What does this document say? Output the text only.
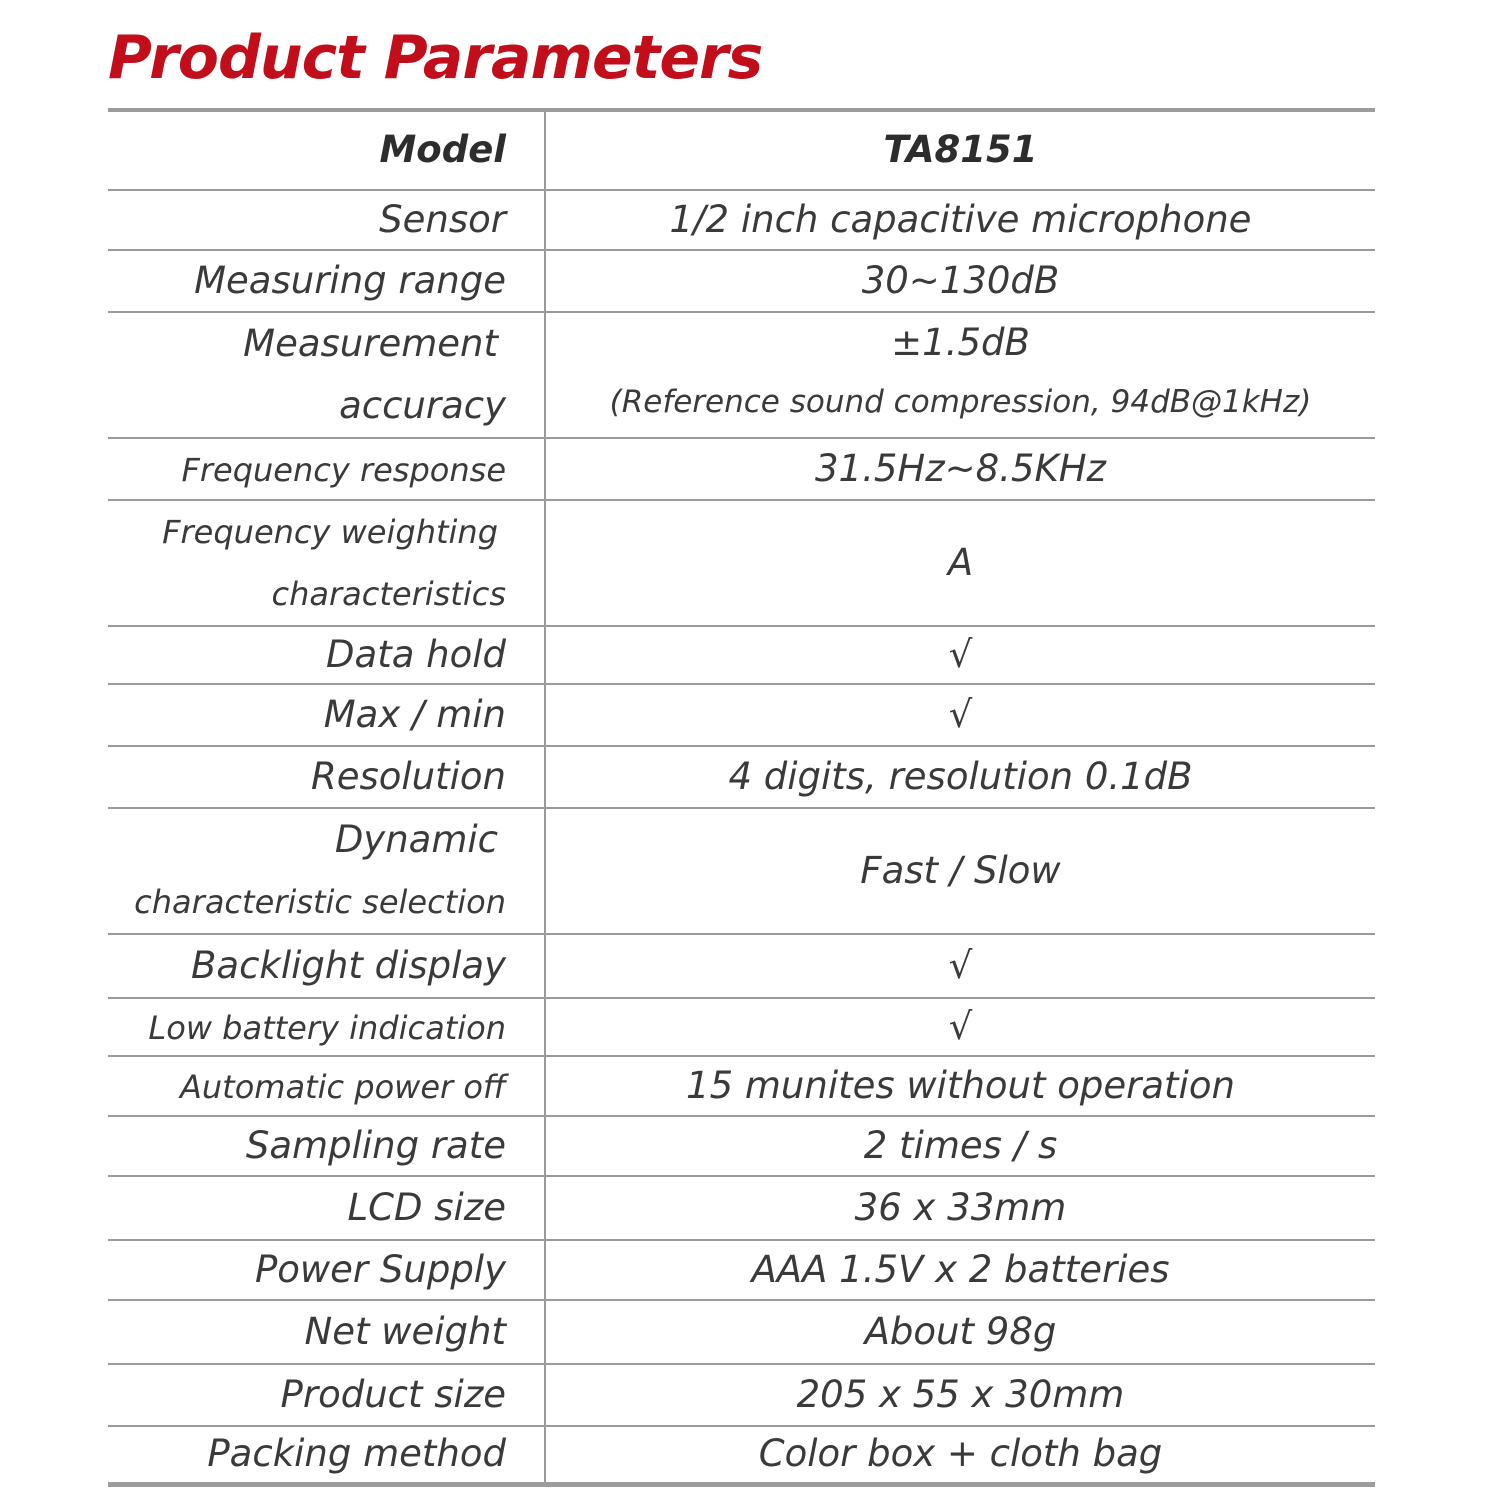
Product Parameters
Model	TA8151
Sensor	1/2 inch capacitive microphone
Measuring range	30~130dB

Measurement
accuracy	±1.5dB
(Reference sound compression, 94dB@1kHz)

Frequency response	31.5Hz~8.5KHz

Frequency weighting
characteristics	A
Data hold	√
Max / min	√
Resolution	4 digits, resolution 0.1dB

Dynamic
characteristic selection	Fast / Slow
Backlight display	√
Low battery indication	√
Automatic power off	15 munites without operation
Sampling rate	2 times / s
LCD size	36 x 33mm
Power Supply	AAA 1.5V x 2 batteries
Net weight	About 98g
Product size	205 x 55 x 30mm
Packing method	Color box + cloth bag
